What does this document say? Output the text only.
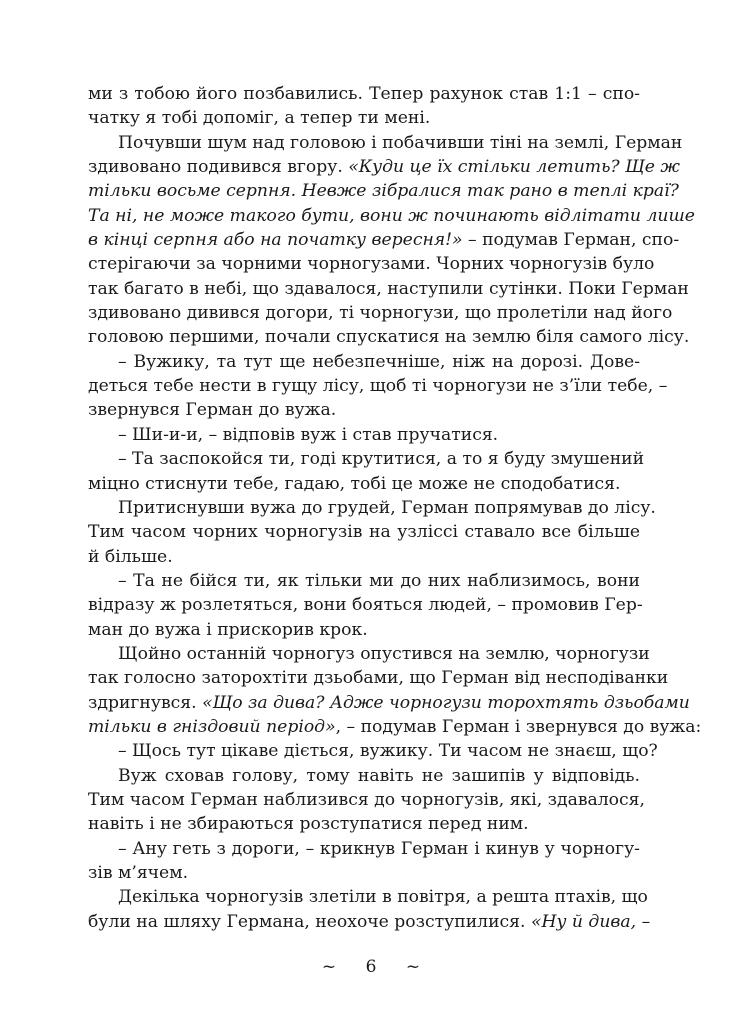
ми з тобою його позбавились. Тепер рахунок став 1:1 – спо-
чатку я тобі допоміг, а тепер ти мені.
Почувши шум над головою і побачивши тіні на землі, Герман
здивовано подивився вгору. «Куди це їх стільки летить? Ще ж
тільки восьме серпня. Невже зібралися так рано в теплі краї?
Та ні, не може такого бути, вони ж починають відлітати лише
в кінці серпня або на початку вересня!» – подумав Герман, спо-
стерігаючи за чорними чорногузами. Чорних чорногузів було
так багато в небі, що здавалося, наступили сутінки. Поки Герман
здивовано дивився догори, ті чорногузи, що пролетіли над його
головою першими, почали спускатися на землю біля самого лісу.
– Вужику, та тут ще небезпечніше, ніж на дорозі. Дове-
деться тебе нести в гущу лісу, щоб ті чорногузи не з’їли тебе, –
звернувся Герман до вужа.
– Ши-и-и, – відповів вуж і став пручатися.
– Та заспокойся ти, годі крутитися, а то я буду змушений
міцно стиснути тебе, гадаю, тобі це може не сподобатися.
Притиснувши вужа до грудей, Герман попрямував до лісу.
Тим часом чорних чорногузів на узліссі ставало все більше
й більше.
– Та не бійся ти, як тільки ми до них наблизимось, вони
відразу ж розлетяться, вони бояться людей, – промовив Гер-
ман до вужа і прискорив крок.
Щойно останній чорногуз опустився на землю, чорногузи
так голосно заторохтіти дзьобами, що Герман від несподіванки
здригнувся. «Що за дива? Адже чорногузи торохтять дзьобами
тільки в гніздовий період», – подумав Герман і звернувся до вужа:
– Щось тут цікаве діється, вужику. Ти часом не знаєш, що?
Вуж сховав голову, тому навіть не зашипів у відповідь.
Тим часом Герман наблизився до чорногузів, які, здавалося,
навіть і не збираються розступатися перед ним.
– Ану геть з дороги, – крикнув Герман і кинув у чорногу-
зів м’ячем.
Декілька чорногузів злетіли в повітря, а решта птахів, що
були на шляху Германа, неохоче розступилися. «Ну й дива, –
~ 6 ~
